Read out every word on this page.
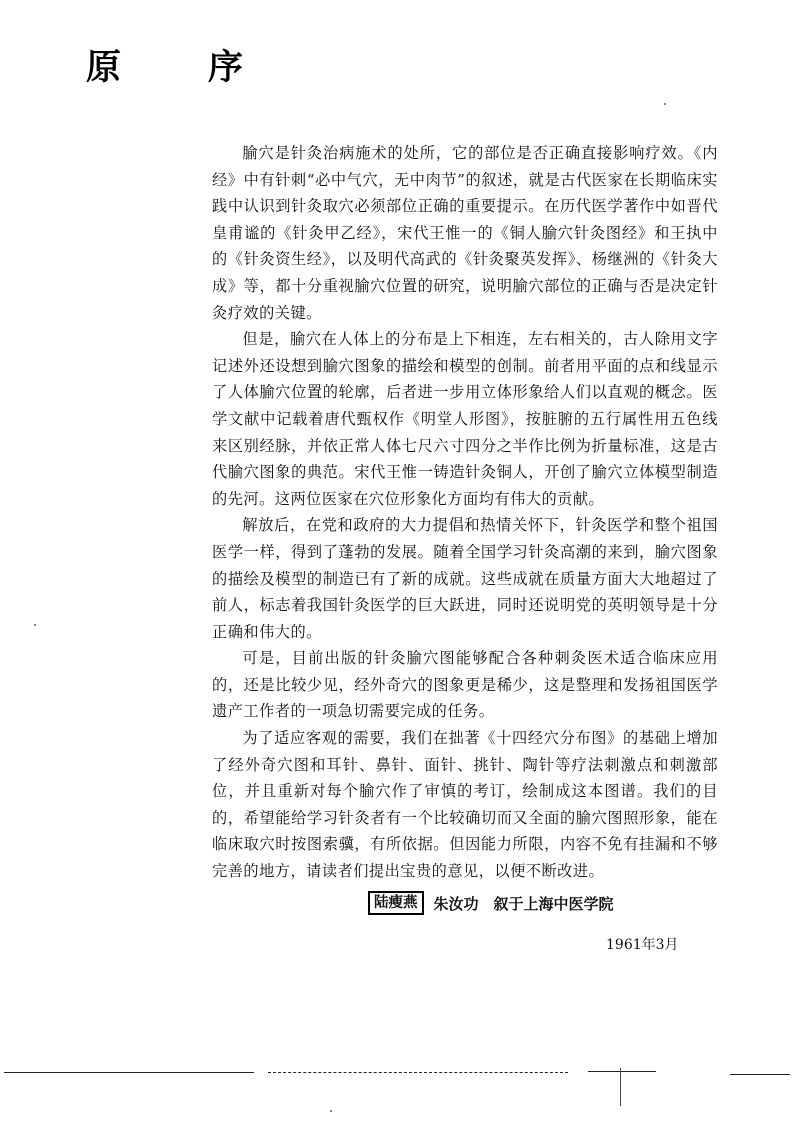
原　序

腧穴是针灸治病施术的处所，它的部位是否正确直接影响疗效。《内经》中有针刺“必中气穴，无中肉节”的叙述，就是古代医家在长期临床实践中认识到针灸取穴必须部位正确的重要提示。在历代医学著作中如晋代皇甫谧的《针灸甲乙经》，宋代王惟一的《铜人腧穴针灸图经》和王执中的《针灸资生经》，以及明代高武的《针灸聚英发挥》、杨继洲的《针灸大成》等，都十分重视腧穴位置的研究，说明腧穴部位的正确与否是决定针灸疗效的关键。

但是，腧穴在人体上的分布是上下相连，左右相关的，古人除用文字记述外还设想到腧穴图象的描绘和模型的创制。前者用平面的点和线显示了人体腧穴位置的轮廓，后者进一步用立体形象给人们以直观的概念。医学文献中记载着唐代甄权作《明堂人形图》，按脏腑的五行属性用五色线来区别经脉，并依正常人体七尺六寸四分之半作比例为折量标准，这是古代腧穴图象的典范。宋代王惟一铸造针灸铜人，开创了腧穴立体模型制造的先河。这两位医家在穴位形象化方面均有伟大的贡献。

解放后，在党和政府的大力提倡和热情关怀下，针灸医学和整个祖国医学一样，得到了蓬勃的发展。随着全国学习针灸高潮的来到，腧穴图象的描绘及模型的制造已有了新的成就。这些成就在质量方面大大地超过了前人，标志着我国针灸医学的巨大跃进，同时还说明党的英明领导是十分正确和伟大的。

可是，目前出版的针灸腧穴图能够配合各种刺灸医术适合临床应用的，还是比较少见，经外奇穴的图象更是稀少，这是整理和发扬祖国医学遗产工作者的一项急切需要完成的任务。

为了适应客观的需要，我们在拙著《十四经穴分布图》的基础上增加了经外奇穴图和耳针、鼻针、面针、挑针、陶针等疗法刺激点和刺激部位，并且重新对每个腧穴作了审慎的考订，绘制成这本图谱。我们的目的，希望能给学习针灸者有一个比较确切而又全面的腧穴图照形象，能在临床取穴时按图索骥，有所依据。但因能力所限，内容不免有挂漏和不够完善的地方，请读者们提出宝贵的意见，以便不断改进。

陆瘦燕	朱汝功　叙于上海中医学院
1961年3月
